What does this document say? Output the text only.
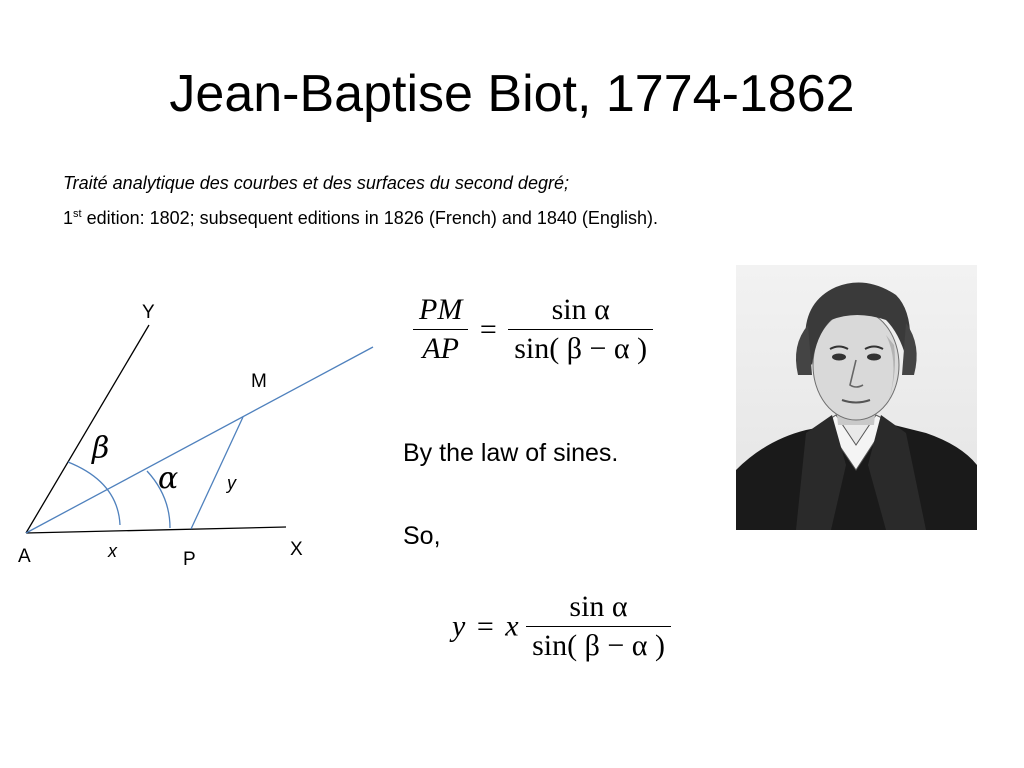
Jean-Baptise Biot, 1774-1862
Traité analytique des courbes et des surfaces du second degré;
1st edition: 1802; subsequent editions in 1826 (French) and 1840 (English).
Y
M
A	P	X
x
y
β
α
$\frac{PM}{AP} = \frac{\text{sin α}}{\sin( \beta - \alpha )}$
By the law of sines.
So,
y = x $\frac{\text{sin α}}{\sin( \beta - \alpha )}$
